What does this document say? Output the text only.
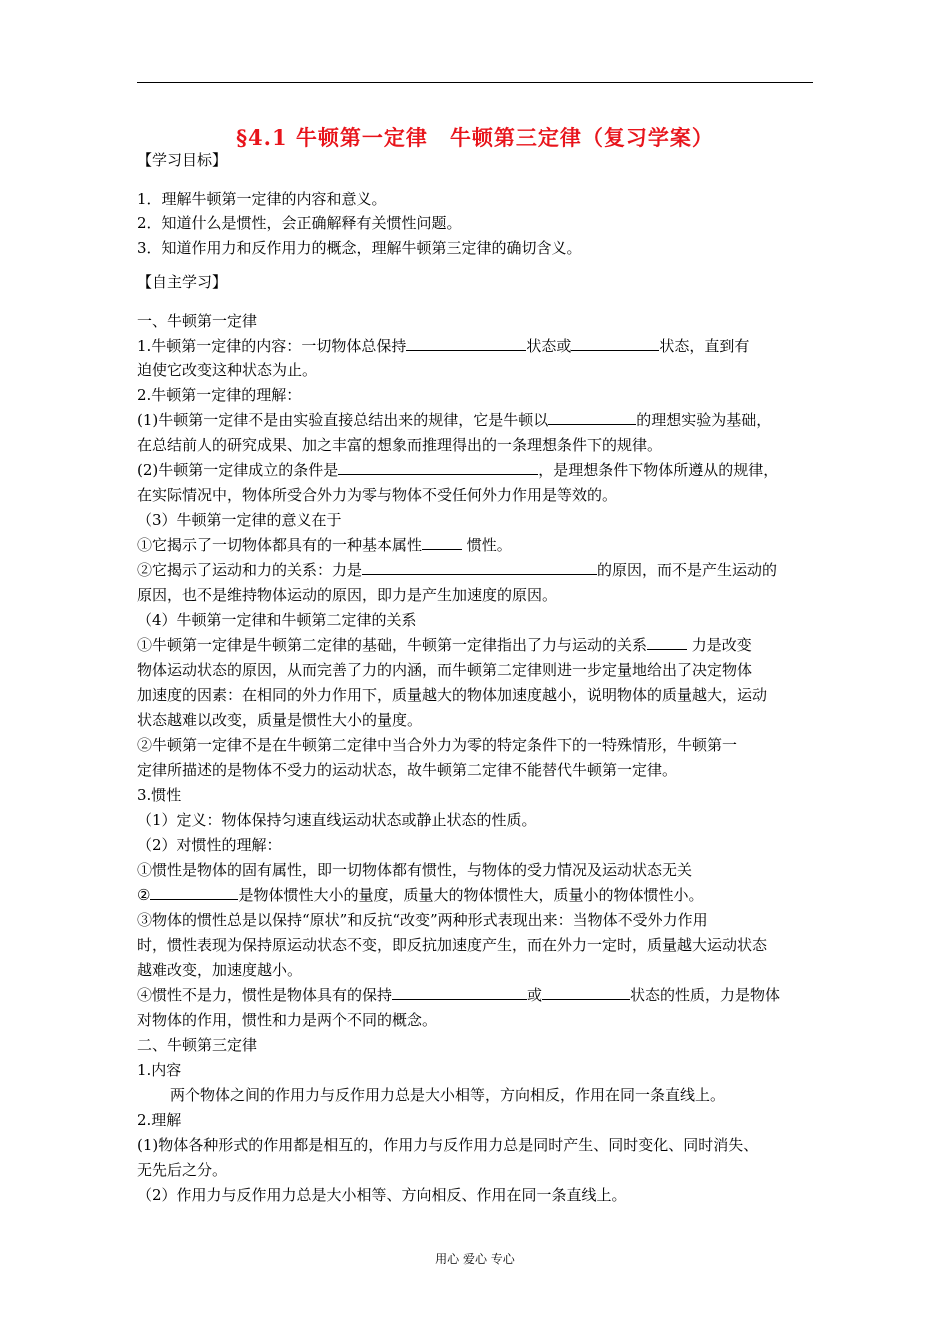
§4.1 牛顿第一定律　牛顿第三定律（复习学案）
【学习目标】
1．理解牛顿第一定律的内容和意义。
2．知道什么是惯性，会正确解释有关惯性问题。
3．知道作用力和反作用力的概念，理解牛顿第三定律的确切含义。
【自主学习】
一、牛顿第一定律
1.牛顿第一定律的内容：一切物体总保持	状态或	状态，直到有
迫使它改变这种状态为止。
2.牛顿第一定律的理解：
(1)牛顿第一定律不是由实验直接总结出来的规律，它是牛顿以	的理想实验为基础，
在总结前人的研究成果、加之丰富的想象而推理得出的一条理想条件下的规律。
(2)牛顿第一定律成立的条件是	，是理想条件下物体所遵从的规律，
在实际情况中，物体所受合外力为零与物体不受任何外力作用是等效的。
（3）牛顿第一定律的意义在于
①它揭示了一切物体都具有的一种基本属性	惯性。
②它揭示了运动和力的关系：力是	的原因，而不是产生运动的
原因，也不是维持物体运动的原因，即力是产生加速度的原因。
（4）牛顿第一定律和牛顿第二定律的关系
①牛顿第一定律是牛顿第二定律的基础，牛顿第一定律指出了力与运动的关系	力是改变
物体运动状态的原因，从而完善了力的内涵，而牛顿第二定律则进一步定量地给出了决定物体
加速度的因素：在相同的外力作用下，质量越大的物体加速度越小，说明物体的质量越大，运动
状态越难以改变，质量是惯性大小的量度。
②牛顿第一定律不是在牛顿第二定律中当合外力为零的特定条件下的一特殊情形，牛顿第一
定律所描述的是物体不受力的运动状态，故牛顿第二定律不能替代牛顿第一定律。
3.惯性
（1）定义：物体保持匀速直线运动状态或静止状态的性质。
（2）对惯性的理解：
①惯性是物体的固有属性，即一切物体都有惯性，与物体的受力情况及运动状态无关
②	是物体惯性大小的量度，质量大的物体惯性大，质量小的物体惯性小。
③物体的惯性总是以保持“原状”和反抗“改变”两种形式表现出来：当物体不受外力作用
时，惯性表现为保持原运动状态不变，即反抗加速度产生，而在外力一定时，质量越大运动状态
越难改变，加速度越小。
④惯性不是力，惯性是物体具有的保持	或	状态的性质，力是物体
对物体的作用，惯性和力是两个不同的概念。
二、牛顿第三定律
1.内容
两个物体之间的作用力与反作用力总是大小相等，方向相反，作用在同一条直线上。
2.理解
(1)物体各种形式的作用都是相互的，作用力与反作用力总是同时产生、同时变化、同时消失、
无先后之分。
（2）作用力与反作用力总是大小相等、方向相反、作用在同一条直线上。
用心 爱心 专心
